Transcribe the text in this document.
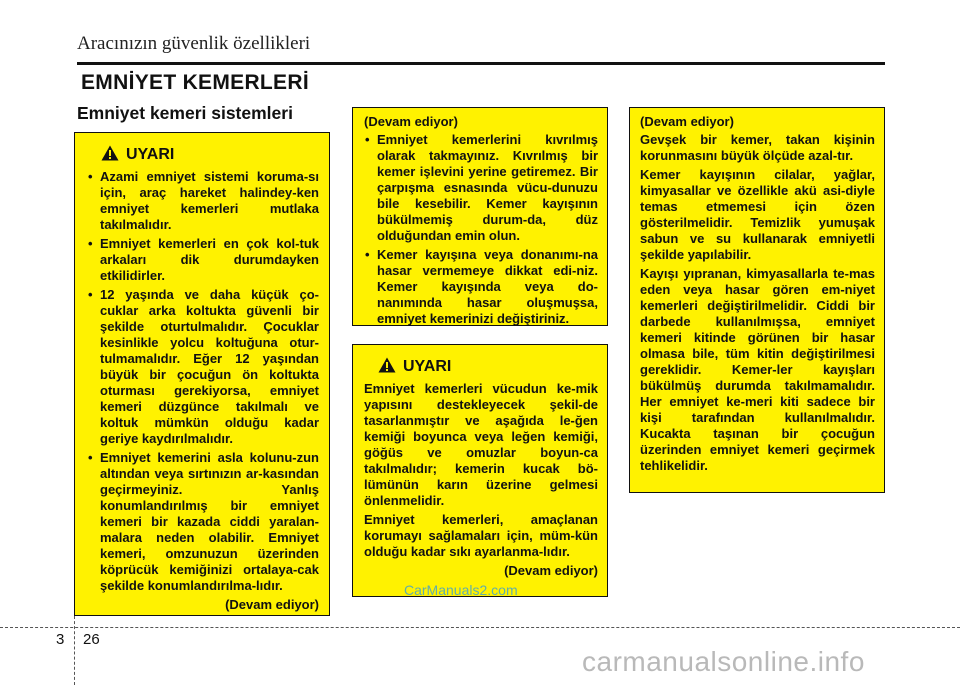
Aracınızın güvenlik özellikleri
EMNİYET KEMERLERİ
Emniyet kemeri sistemleri
UYARI
• Azami emniyet sistemi koruma-sı için, araç hareket halindey-ken emniyet kemerleri mutlaka takılmalıdır.
• Emniyet kemerleri en çok kol-tuk arkaları dik durumdayken etkilidirler.
• 12 yaşında ve daha küçük ço-cuklar arka koltukta güvenli bir şekilde oturtulmalıdır. Çocuklar kesinlikle yolcu koltuğuna otur-tulmamalıdır. Eğer 12 yaşından büyük bir çocuğun ön koltukta oturması gerekiyorsa, emniyet kemeri düzgünce takılmalı ve koltuk mümkün olduğu kadar geriye kaydırılmalıdır.
• Emniyet kemerini asla kolunu-zun altından veya sırtınızın ar-kasından geçirmeyiniz. Yanlış konumlandırılmış bir emniyet kemeri bir kazada ciddi yaralan-malara neden olabilir. Emniyet kemeri, omzunuzun üzerinden köprücük kemiğinizi ortalaya-cak şekilde konumlandırılma-lıdır.
(Devam ediyor)
(Devam ediyor)
• Emniyet kemerlerini kıvrılmış olarak takmayınız. Kıvrılmış bir kemer işlevini yerine getiremez. Bir çarpışma esnasında vücu-dunuzu bile kesebilir. Kemer kayışının bükülmemiş durum-da, düz olduğundan emin olun.
• Kemer kayışına veya donanımı-na hasar vermemeye dikkat edi-niz. Kemer kayışında veya do-nanımında hasar oluşmuşsa, emniyet kemerinizi değiştiriniz.
UYARI

Emniyet kemerleri vücudun ke-mik yapısını destekleyecek şekil-de tasarlanmıştır ve aşağıda le-ğen kemiği boyunca veya leğen kemiği, göğüs ve omuzlar boyun-ca takılmalıdır; kemerin kucak bö-lümünün karın üzerine gelmesi önlenmelidir.

Emniyet kemerleri, amaçlanan korumayı sağlamaları için, müm-kün olduğu kadar sıkı ayarlanma-lıdır.

(Devam ediyor)
(Devam ediyor)

Gevşek bir kemer, takan kişinin korunmasını büyük ölçüde azal-tır.

Kemer kayışının cilalar, yağlar, kimyasallar ve özellikle akü asi-diyle temas etmemesi için özen gösterilmelidir. Temizlik yumuşak sabun ve su kullanarak emniyetli şekilde yapılabilir.

Kayışı yıpranan, kimyasallarla te-mas eden veya hasar gören em-niyet kemerleri değiştirilmelidir. Ciddi bir darbede kullanılmışsa, emniyet kemeri kitinde görünen bir hasar olmasa bile, tüm kitin değiştirilmesi gereklidir. Kemer-ler kayışları bükülmüş durumda takılmamalıdır. Her emniyet ke-meri kiti sadece bir kişi tarafından kullanılmalıdır. Kucakta taşınan bir çocuğun üzerinden emniyet kemeri geçirmek tehlikelidir.

CarManuals2.com
3 26
carmanualsonline.info
